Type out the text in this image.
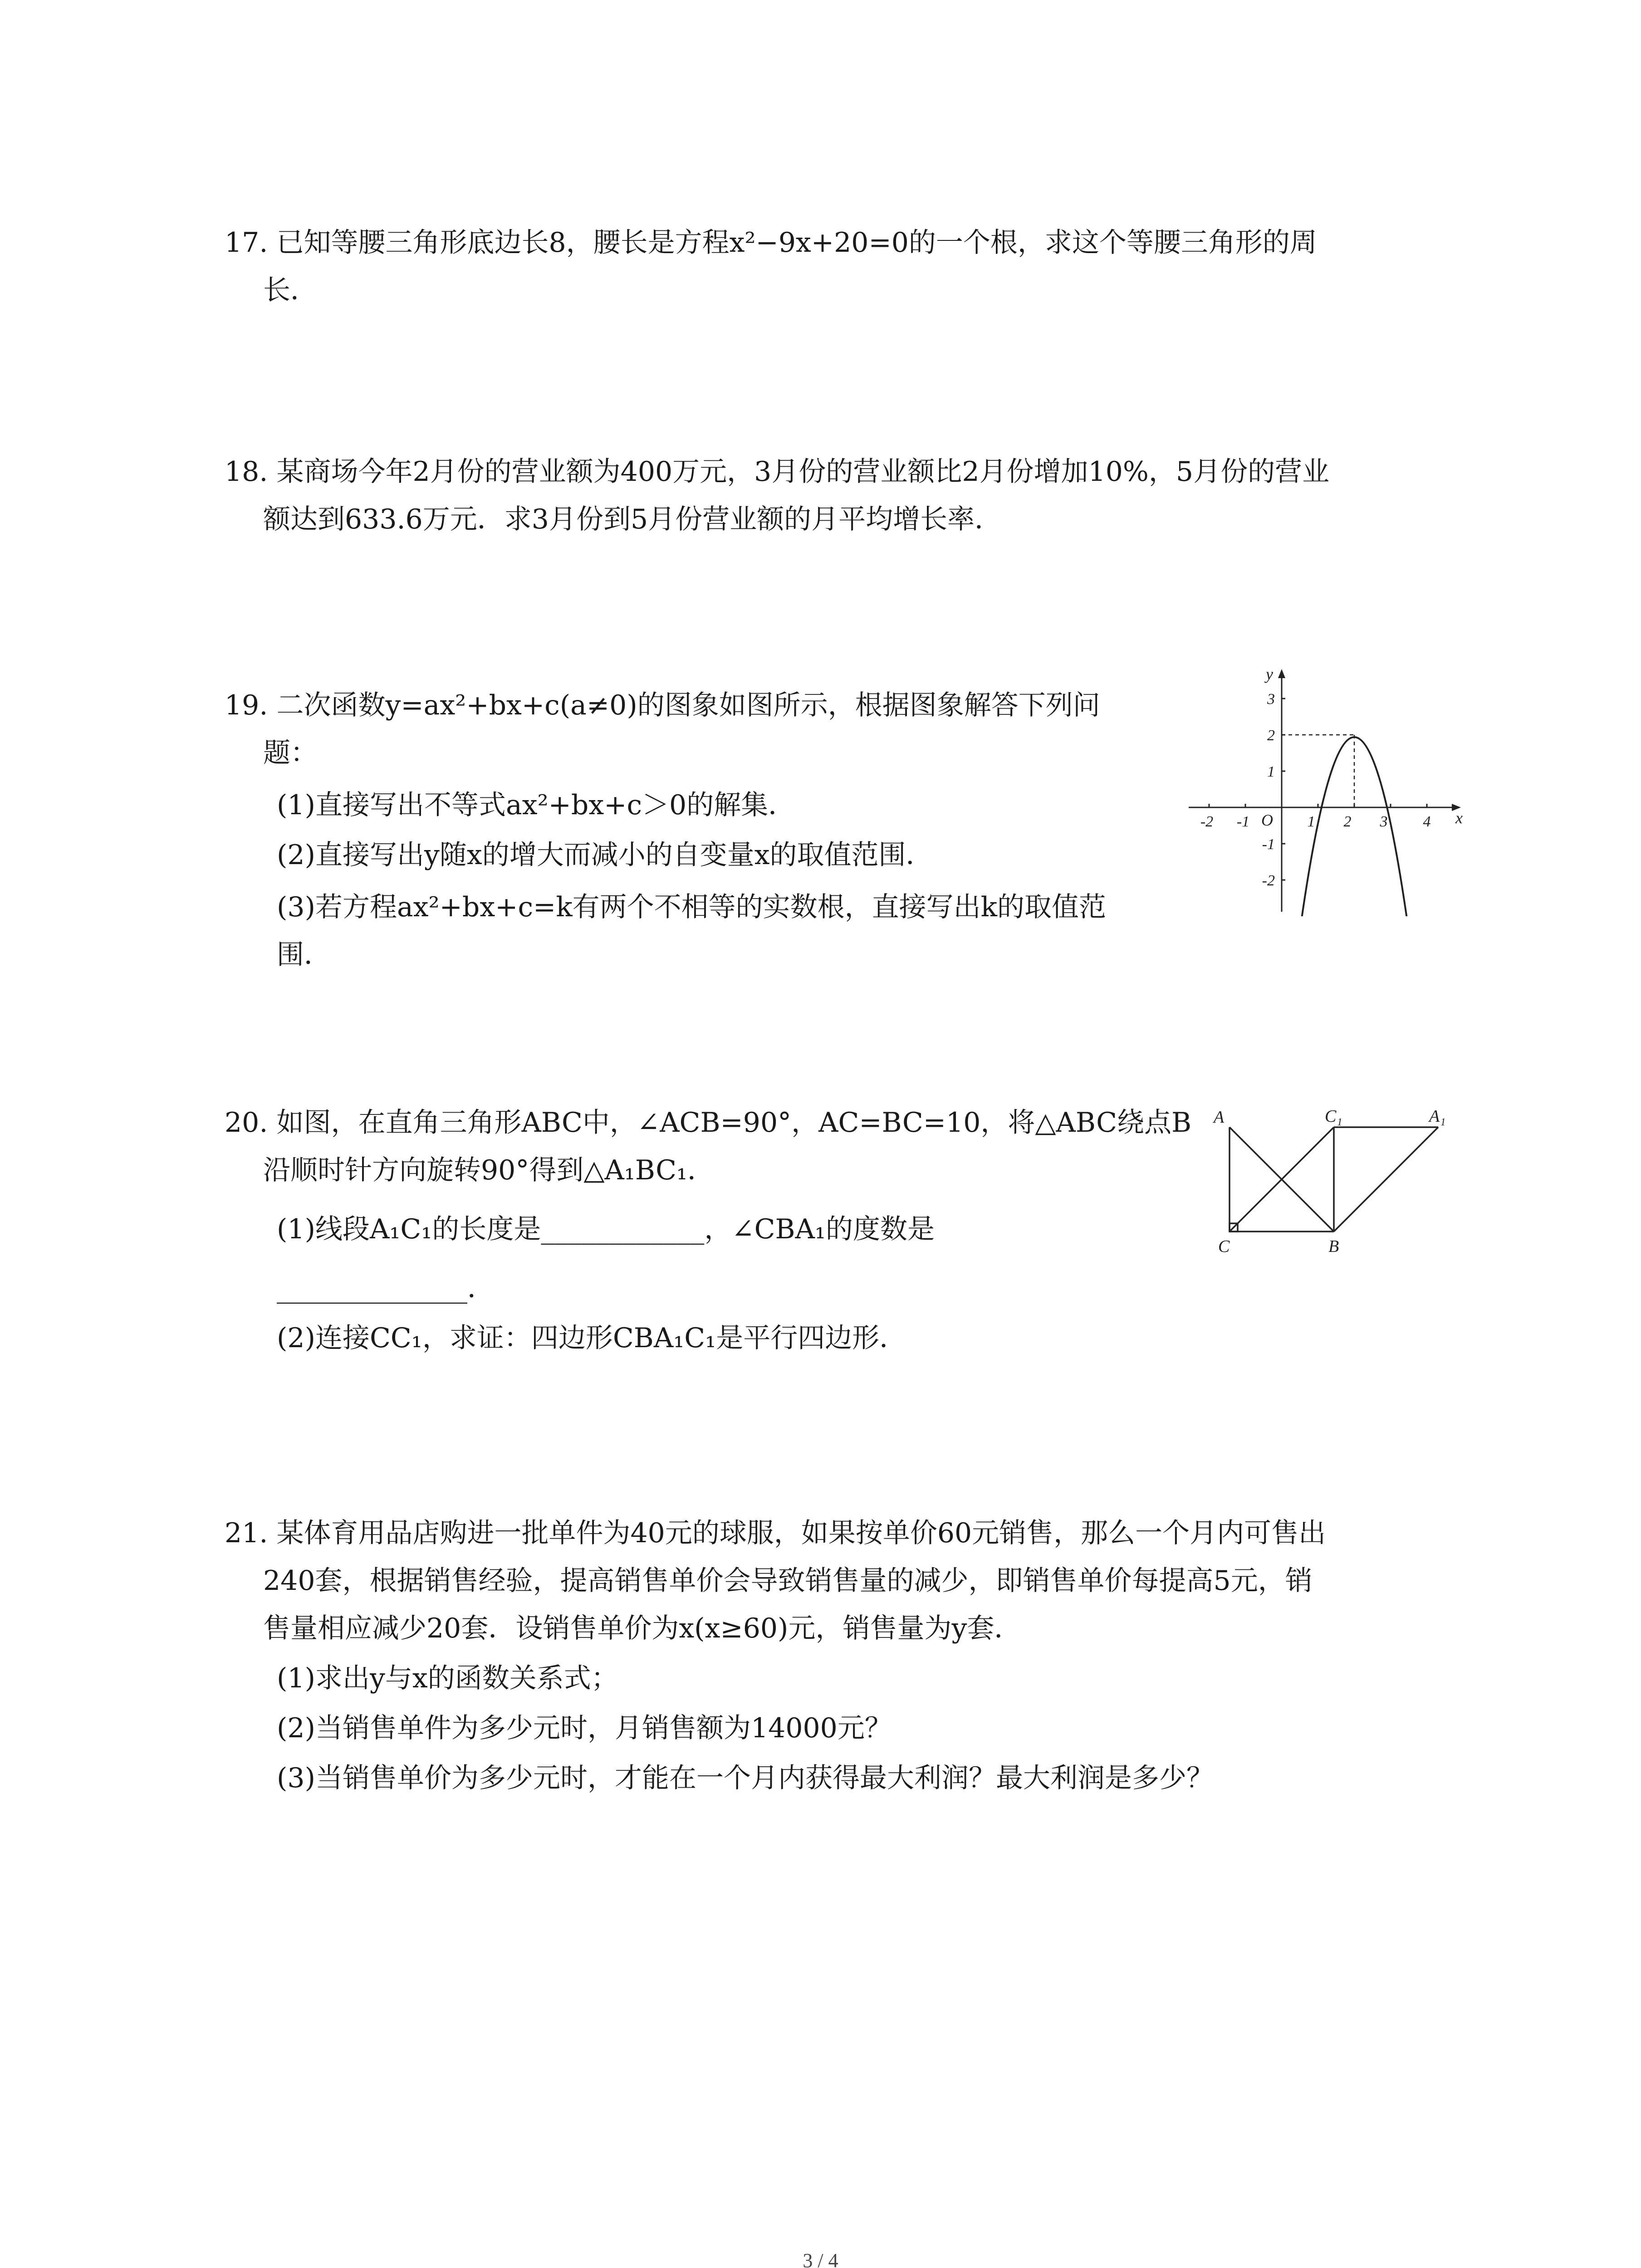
17. 已知等腰三角形底边长8，腰长是方程x²−9x+20=0的一个根，求这个等腰三角形的周
长．
18. 某商场今年2月份的营业额为400万元，3月份的营业额比2月份增加10%，5月份的营业
额达到633.6万元．求3月份到5月份营业额的月平均增长率．
19. 二次函数y=ax²+bx+c(a≠0)的图象如图所示，根据图象解答下列问
题：
(1)直接写出不等式ax²+bx+c＞0的解集．
(2)直接写出y随x的增大而减小的自变量x的取值范围．
(3)若方程ax²+bx+c=k有两个不相等的实数根，直接写出k的取值范
围．
y
x
O
-2 -1	1 2 3 4
3
2
1
-1
-2
20. 如图，在直角三角形ABC中，∠ACB=90°，AC=BC=10，将△ABC绕点B
沿顺时针方向旋转90°得到△A₁BC₁．
(1)线段A₁C₁的长度是____________，∠CBA₁的度数是
______________．
(2)连接CC₁，求证：四边形CBA₁C₁是平行四边形．
A	C₁	A₁
C	B
21. 某体育用品店购进一批单件为40元的球服，如果按单价60元销售，那么一个月内可售出
240套，根据销售经验，提高销售单价会导致销售量的减少，即销售单价每提高5元，销
售量相应减少20套．设销售单价为x(x≥60)元，销售量为y套．
(1)求出y与x的函数关系式；
(2)当销售单件为多少元时，月销售额为14000元？
(3)当销售单价为多少元时，才能在一个月内获得最大利润？最大利润是多少？
3 / 4
